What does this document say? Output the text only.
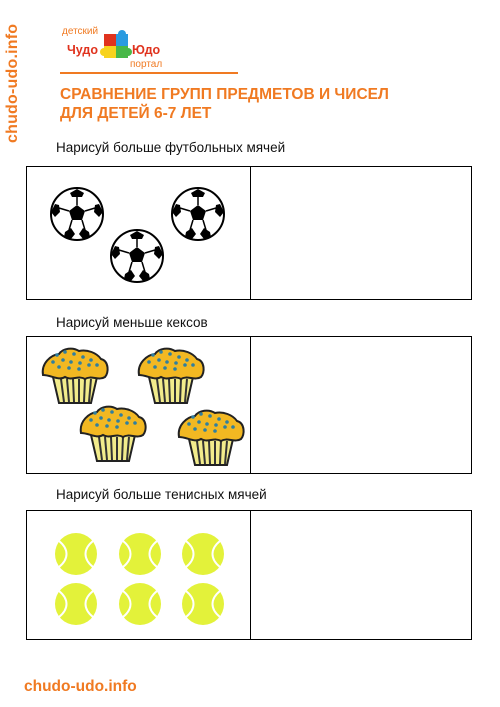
chudo-udo.info	детский
Чудо	Юдо
портал
СРАВНЕНИЕ ГРУПП ПРЕДМЕТОВ И ЧИСЕЛ
ДЛЯ ДЕТЕЙ 6-7 ЛЕТ
Нарисуй больше футбольных мячей
Нарисуй меньше кексов
Нарисуй больше тенисных мячей
chudo-udo.info
